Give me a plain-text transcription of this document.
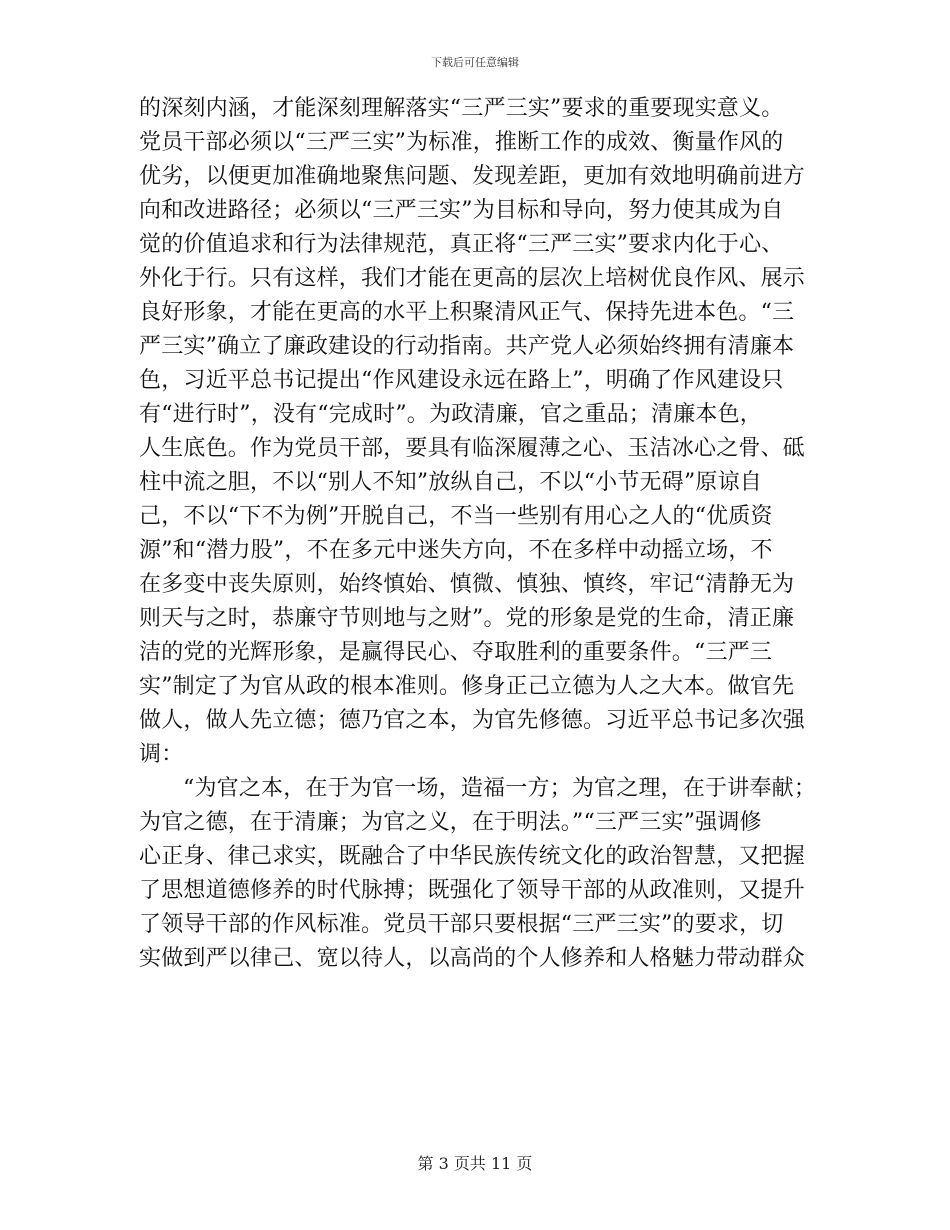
下载后可任意编辑
的深刻内涵，才能深刻理解落实“三严三实”要求的重要现实意义。
党员干部必须以“三严三实”为标准，推断工作的成效、衡量作风的
优劣，以便更加准确地聚焦问题、发现差距，更加有效地明确前进方
向和改进路径；必须以“三严三实”为目标和导向，努力使其成为自
觉的价值追求和行为法律规范，真正将“三严三实”要求内化于心、
外化于行。只有这样，我们才能在更高的层次上培树优良作风、展示
良好形象，才能在更高的水平上积聚清风正气、保持先进本色。“三
严三实”确立了廉政建设的行动指南。共产党人必须始终拥有清廉本
色，习近平总书记提出“作风建设永远在路上”，明确了作风建设只
有“进行时”，没有“完成时”。为政清廉，官之重品；清廉本色，
人生底色。作为党员干部，要具有临深履薄之心、玉洁冰心之骨、砥
柱中流之胆，不以“别人不知”放纵自己，不以“小节无碍”原谅自
己，不以“下不为例”开脱自己，不当一些别有用心之人的“优质资
源”和“潜力股”，不在多元中迷失方向，不在多样中动摇立场，不
在多变中丧失原则，始终慎始、慎微、慎独、慎终，牢记“清静无为
则天与之时，恭廉守节则地与之财”。党的形象是党的生命，清正廉
洁的党的光辉形象，是赢得民心、夺取胜利的重要条件。“三严三
实”制定了为官从政的根本准则。修身正己立德为人之大本。做官先
做人，做人先立德；德乃官之本，为官先修德。习近平总书记多次强
调：
“为官之本，在于为官一场，造福一方；为官之理，在于讲奉献；
为官之德，在于清廉；为官之义，在于明法。”“三严三实”强调修
心正身、律己求实，既融合了中华民族传统文化的政治智慧，又把握
了思想道德修养的时代脉搏；既强化了领导干部的从政准则，又提升
了领导干部的作风标准。党员干部只要根据“三严三实”的要求，切
实做到严以律己、宽以待人，以高尚的个人修养和人格魅力带动群众
第 3 页共 11 页
